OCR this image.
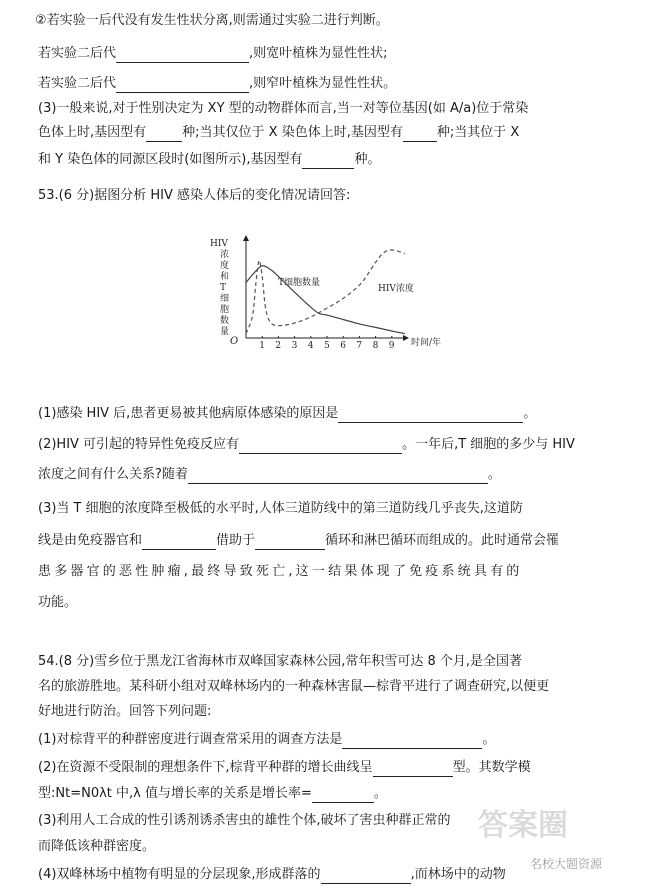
②若实验一后代没有发生性状分离,则需通过实验二进行判断。
若实验二后代	,则宽叶植株为显性性状;
若实验二后代	,则窄叶植株为显性性状。
(3)一般来说,对于性别决定为 XY 型的动物群体而言,当一对等位基因(如 A/a)位于常染
色体上时,基因型有	种;当其仅位于 X 染色体上时,基因型有	种;当其位于 X
和 Y 染色体的同源区段时(如图所示),基因型有	种。
53.(6 分)据图分析 HIV 感染人体后的变化情况请回答:
HIV
浓
度
和
T
细
胞
数
量
O	时间/年
1 2 3 4 5 6 7 8 9
T细胞数量
HIV浓度
(1)感染 HIV 后,患者更易被其他病原体感染的原因是	。
(2)HIV 可引起的特异性免疫反应有	。一年后,T 细胞的多少与 HIV
浓度之间有什么关系?随着	。
(3)当 T 细胞的浓度降至极低的水平时,人体三道防线中的第三道防线几乎丧失,这道防
线是由免疫器官和	借助于	循环和淋巴循环而组成的。此时通常会罹
患多器官的恶性肿瘤,最终导致死亡,这一结果体现了免疫系统具有的
功能。
54.(8 分)雪乡位于黑龙江省海林市双峰国家森林公园,常年积雪可达 8 个月,是全国著
名的旅游胜地。某科研小组对双峰林场内的一种森林害鼠—棕背平进行了调查研究,以便更
好地进行防治。回答下列问题:
(1)对棕背平的种群密度进行调查常采用的调查方法是	。
(2)在资源不受限制的理想条件下,棕背平种群的增长曲线呈	型。其数学模
型:Nt=N0λt 中,λ 值与增长率的关系是增长率=	。
(3)利用人工合成的性引诱剂诱杀害虫的雄性个体,破坏了害虫种群正常的
而降低该种群密度。
(4)双峰林场中植物有明显的分层现象,形成群落的	,而林场中的动物
答案圈
名校大题资源
